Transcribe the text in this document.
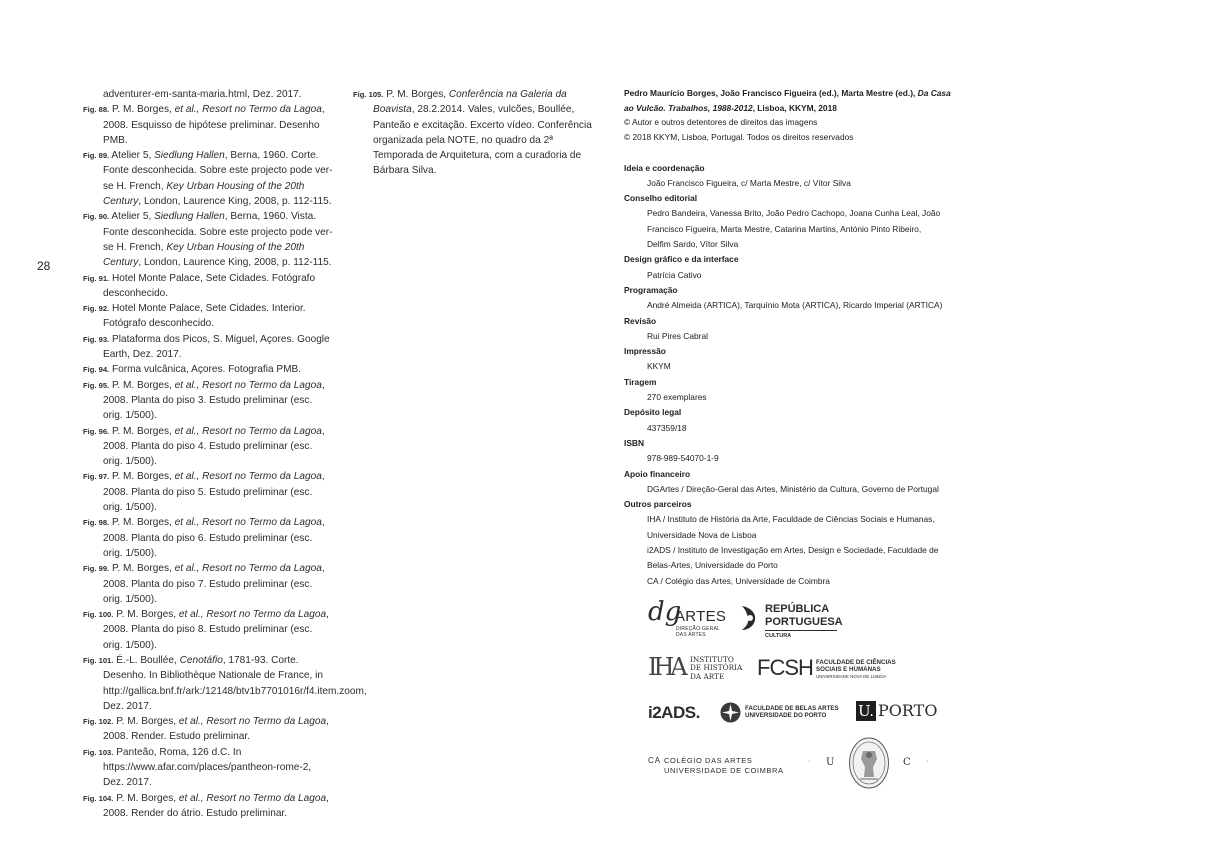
28
adventurer-em-santa-maria.html, Dez. 2017.
Fig. 88. P. M. Borges, et al., Resort no Termo da Lagoa, 2008. Esquisso de hipótese preliminar. Desenho PMB.
Fig. 89. Atelier 5, Siedlung Hallen, Berna, 1960. Corte. Fonte desconhecida. Sobre este projecto pode ver-se H. French, Key Urban Housing of the 20th Century, London, Laurence King, 2008, p. 112-115.
Fig. 90. Atelier 5, Siedlung Hallen, Berna, 1960. Vista. Fonte desconhecida. Sobre este projecto pode ver-se H. French, Key Urban Housing of the 20th Century, London, Laurence King, 2008, p. 112-115.
Fig. 91. Hotel Monte Palace, Sete Cidades. Fotógrafo desconhecido.
Fig. 92. Hotel Monte Palace, Sete Cidades. Interior. Fotógrafo desconhecido.
Fig. 93. Plataforma dos Picos, S. Miguel, Açores. Google Earth, Dez. 2017.
Fig. 94. Forma vulcânica, Açores. Fotografia PMB.
Fig. 95. P. M. Borges, et al., Resort no Termo da Lagoa, 2008. Planta do piso 3. Estudo preliminar (esc. orig. 1/500).
Fig. 96. P. M. Borges, et al., Resort no Termo da Lagoa, 2008. Planta do piso 4. Estudo preliminar (esc. orig. 1/500).
Fig. 97. P. M. Borges, et al., Resort no Termo da Lagoa, 2008. Planta do piso 5. Estudo preliminar (esc. orig. 1/500).
Fig. 98. P. M. Borges, et al., Resort no Termo da Lagoa, 2008. Planta do piso 6. Estudo preliminar (esc. orig. 1/500).
Fig. 99. P. M. Borges, et al., Resort no Termo da Lagoa, 2008. Planta do piso 7. Estudo preliminar (esc. orig. 1/500).
Fig. 100. P. M. Borges, et al., Resort no Termo da Lagoa, 2008. Planta do piso 8. Estudo preliminar (esc. orig. 1/500).
Fig. 101. É.-L. Boullée, Cenotáfio, 1781-93. Corte. Desenho. In Bibliothèque Nationale de France, in http://gallica.bnf.fr/ark:/12148/btv1b7701016r/f4.item.zoom, Dez. 2017.
Fig. 102. P. M. Borges, et al., Resort no Termo da Lagoa, 2008. Render. Estudo preliminar.
Fig. 103. Panteão, Roma, 126 d.C. In https://www.afar.com/places/pantheon-rome-2, Dez. 2017.
Fig. 104. P. M. Borges, et al., Resort no Termo da Lagoa, 2008. Render do átrio. Estudo preliminar.
Fig. 105. P. M. Borges, Conferência na Galeria da Boavista, 28.2.2014. Vales, vulcões, Boullée, Panteão e excitação. Excerto vídeo. Conferência organizada pela NOTE, no quadro da 2ª Temporada de Arquitetura, com a curadoria de Bárbara Silva.
Pedro Maurício Borges, João Francisco Figueira (ed.), Marta Mestre (ed.), Da Casa ao Vulcão. Trabalhos, 1988-2012, Lisboa, KKYM, 2018
© Autor e outros detentores de direitos das imagens
© 2018 KKYM, Lisboa, Portugal. Todos os direitos reservados
Ideia e coordenação
João Francisco Figueira, c/ Marta Mestre, c/ Vítor Silva
Conselho editorial
Pedro Bandeira, Vanessa Brito, João Pedro Cachopo, Joana Cunha Leal, João
Francisco Figueira, Marta Mestre, Catarina Martins, António Pinto Ribeiro,
Delfim Sardo, Vítor Silva
Design gráfico e da interface
Patrícia Cativo
Programação
André Almeida (ARTICA), Tarquínio Mota (ARTICA), Ricardo Imperial (ARTICA)
Revisão
Rui Pires Cabral
Impressão
KKYM
Tiragem
270 exemplares
Depósito legal
437359/18
ISBN
978-989-54070-1-9
Apoio financeiro
DGArtes / Direção-Geral das Artes, Ministério da Cultura, Governo de Portugal
Outros parceiros
IHA / Instituto de História da Arte, Faculdade de Ciências Sociais e Humanas,
Universidade Nova de Lisboa
i2ADS / Instituto de Investigação em Artes, Design e Sociedade, Faculdade de
Belas-Artes, Universidade do Porto
CA / Colégio das Artes, Universidade de Coimbra
dg
ARTES
DIREÇÃO-GERAL
DAS ARTES
REPÚBLICA
PORTUGUESA
CULTURA
IHA INSTITUTO
DE HISTÓRIA
DA ARTE	FCSH FACULDADE DE CIÊNCIAS
SOCIAIS E HUMANAS
UNIVERSIDADE NOVA DE LISBOA
i2ADS.	FACULDADE DE BELAS ARTES
UNIVERSIDADE DO PORTO	U. PORTO
CA COLÉGIO DAS ARTES
UNIVERSIDADE DE COIMBRA
· U	C ·
